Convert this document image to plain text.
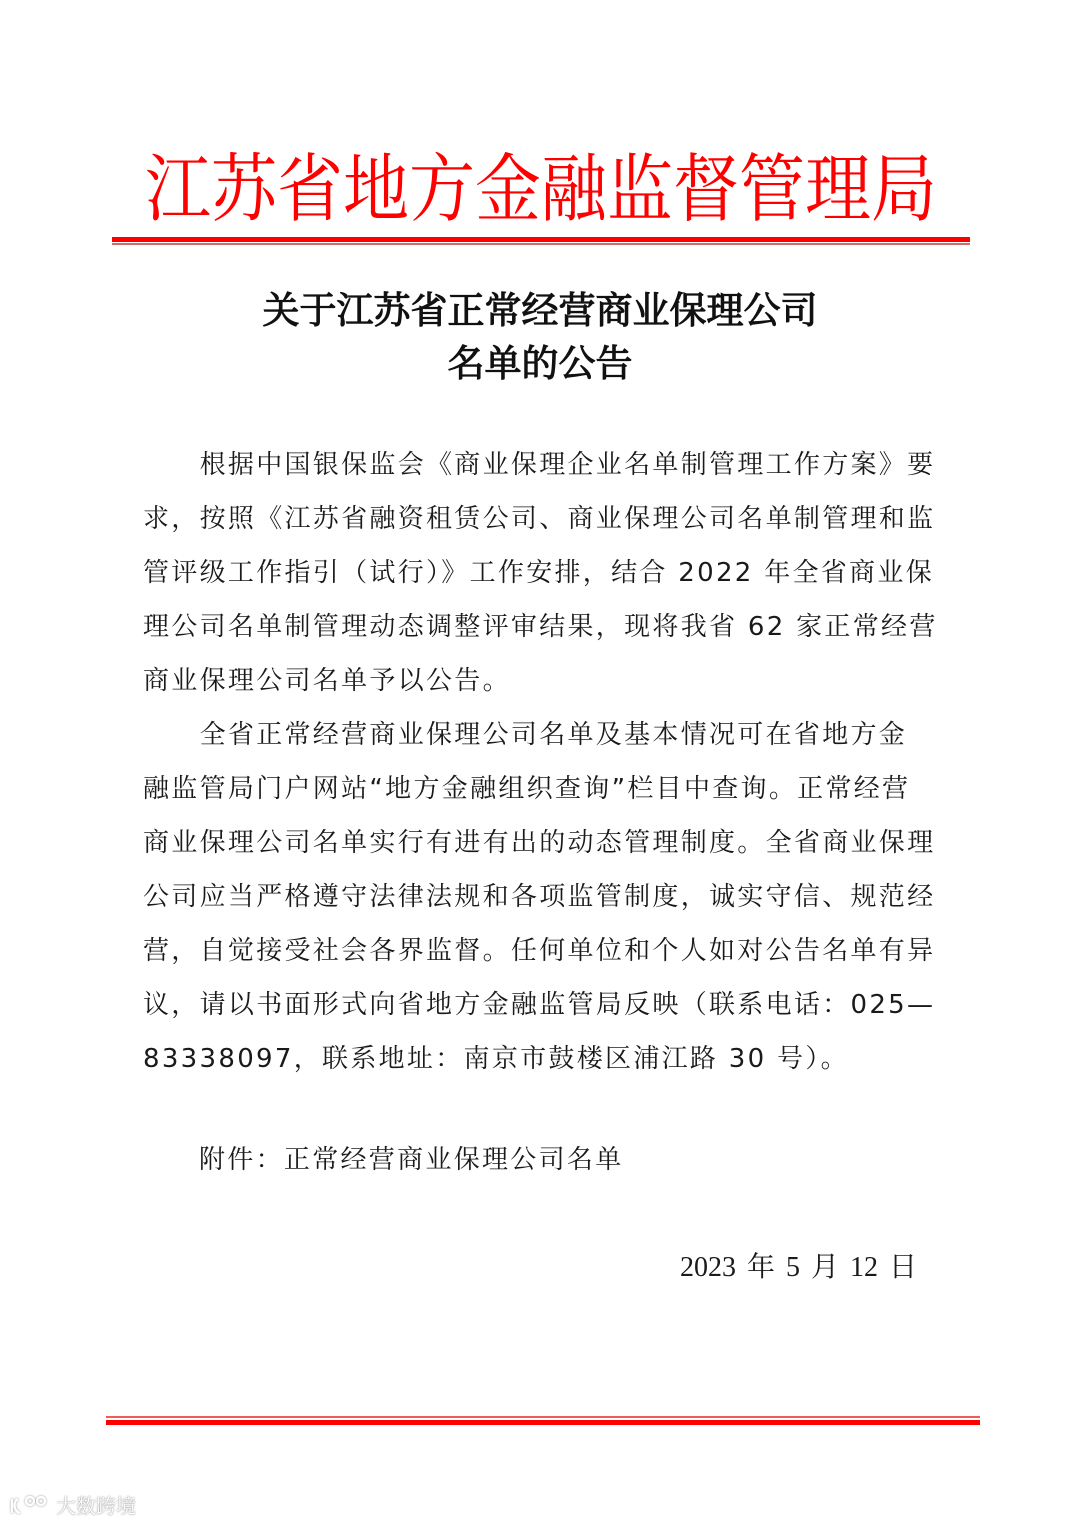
江苏省地方金融监督管理局
关于江苏省正常经营商业保理公司
名单的公告
　　根据中国银保监会《商业保理企业名单制管理工作方案》要
求，按照《江苏省融资租赁公司、商业保理公司名单制管理和监
管评级工作指引（试行）》工作安排，结合 2022 年全省商业保
理公司名单制管理动态调整评审结果，现将我省 62 家正常经营
商业保理公司名单予以公告。
　　全省正常经营商业保理公司名单及基本情况可在省地方金
融监管局门户网站“地方金融组织查询”栏目中查询。正常经营
商业保理公司名单实行有进有出的动态管理制度。全省商业保理
公司应当严格遵守法律法规和各项监管制度，诚实守信、规范经
营，自觉接受社会各界监督。任何单位和个人如对公告名单有异
议，请以书面形式向省地方金融监管局反映（联系电话：025—
83338097，联系地址：南京市鼓楼区浦江路 30 号）。
附件：正常经营商业保理公司名单
2023 年 5 月 12 日
大数跨境
